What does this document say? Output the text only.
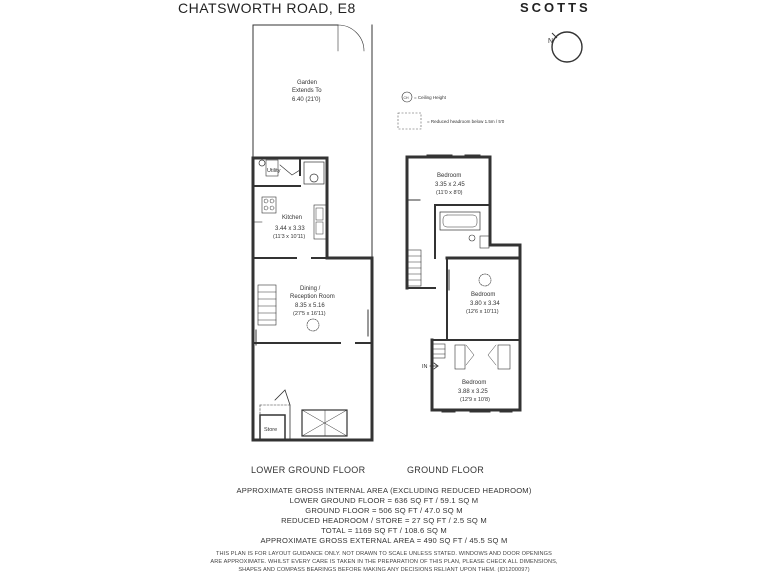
CHATSWORTH ROAD, E8	SCOTTS
N
CH = Ceiling Height
= Reduced headroom below 1.5m / 5'0
Garden
Extends To
6.40 (21'0)
Utility
Kitchen
3.44 x 3.33
(11'3 x 10'11)
Dining /
Reception Room
8.35 x 5.16
(27'5 x 16'11)
Store
Bedroom
3.35 x 2.45
(11'0 x 8'0)
Bedroom
3.80 x 3.34
(12'6 x 10'11)
Bedroom
3.88 x 3.25
(12'9 x 10'8)
IN
LOWER GROUND FLOOR	GROUND FLOOR
APPROXIMATE GROSS INTERNAL AREA (EXCLUDING REDUCED HEADROOM)
LOWER GROUND FLOOR = 636 SQ FT / 59.1 SQ M
GROUND FLOOR = 506 SQ FT / 47.0 SQ M
REDUCED HEADROOM / STORE = 27 SQ FT / 2.5 SQ M
TOTAL = 1169 SQ FT / 108.6 SQ M
APPROXIMATE GROSS EXTERNAL AREA = 490 SQ FT / 45.5 SQ M
THIS PLAN IS FOR LAYOUT GUIDANCE ONLY. NOT DRAWN TO SCALE UNLESS STATED. WINDOWS AND DOOR OPENINGS
ARE APPROXIMATE. WHILST EVERY CARE IS TAKEN IN THE PREPARATION OF THIS PLAN, PLEASE CHECK ALL DIMENSIONS,
SHAPES AND COMPASS BEARINGS BEFORE MAKING ANY DECISIONS RELIANT UPON THEM. (ID1200097)
